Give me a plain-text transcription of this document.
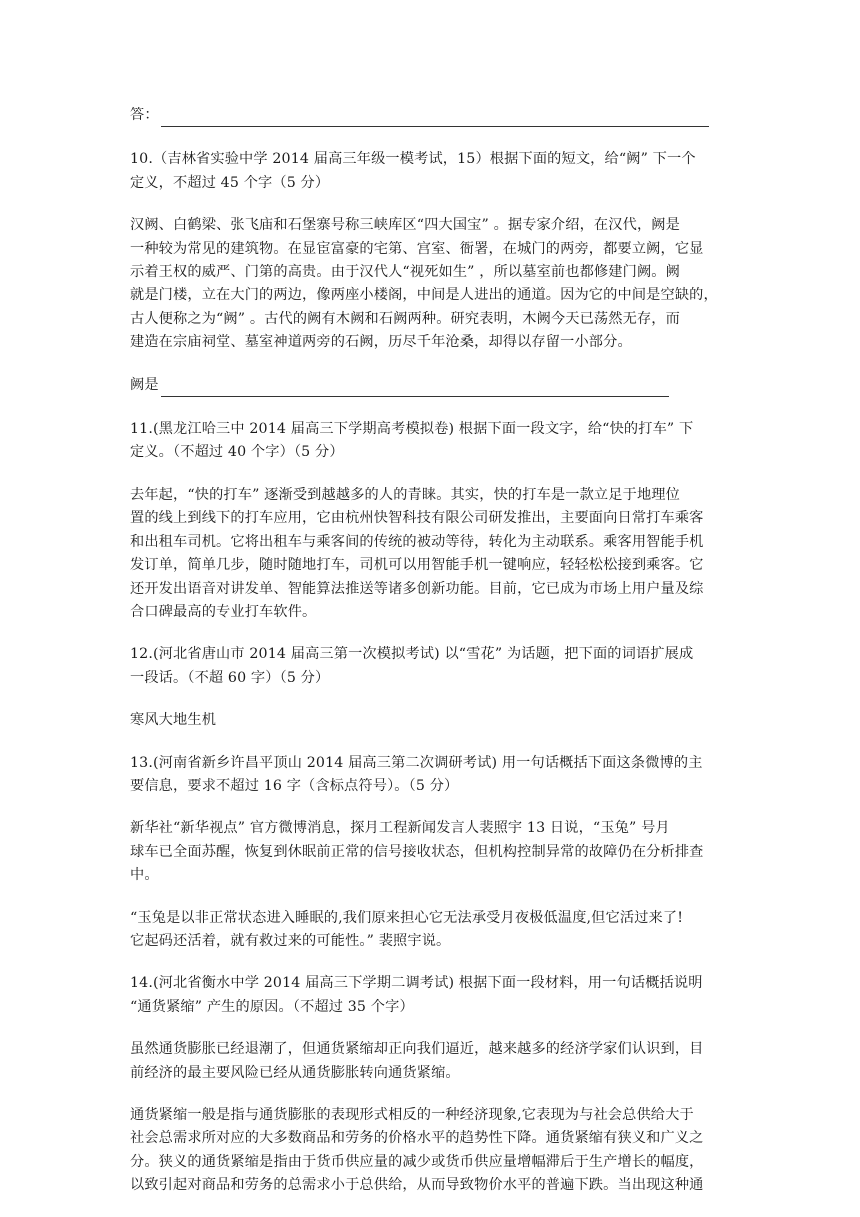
答：
10.（吉林省实验中学 2014 届高三年级一模考试，15）根据下面的短文，给“阙” 下一个
定义，不超过 45 个字（5 分）
汉阙、白鹤梁、张飞庙和石堡寨号称三峡库区“四大国宝” 。据专家介绍，在汉代，阙是
一种较为常见的建筑物。在显宦富豪的宅第、宫室、衙署，在城门的两旁，都要立阙，它显
示着王权的威严、门第的高贵。由于汉代人“视死如生” ，所以墓室前也都修建门阙。阙
就是门楼，立在大门的两边，像两座小楼阁，中间是人进出的通道。因为它的中间是空缺的，
古人便称之为“阙” 。古代的阙有木阙和石阙两种。研究表明，木阙今天已荡然无存，而
建造在宗庙祠堂、墓室神道两旁的石阙，历尽千年沧桑，却得以存留一小部分。
阙是
11.(黑龙江哈三中 2014 届高三下学期高考模拟卷) 根据下面一段文字，给“快的打车” 下
定义。（不超过 40 个字）（5 分）
去年起，“快的打车” 逐渐受到越越多的人的青睐。其实，快的打车是一款立足于地理位
置的线上到线下的打车应用，它由杭州快智科技有限公司研发推出，主要面向日常打车乘客
和出租车司机。它将出租车与乘客间的传统的被动等待，转化为主动联系。乘客用智能手机
发订单，简单几步，随时随地打车，司机可以用智能手机一键响应，轻轻松松接到乘客。它
还开发出语音对讲发单、智能算法推送等诸多创新功能。目前，它已成为市场上用户量及综
合口碑最高的专业打车软件。
12.(河北省唐山市 2014 届高三第一次模拟考试) 以“雪花” 为话题，把下面的词语扩展成
一段话。（不超 60 字）（5 分）
寒风大地生机
13.(河南省新乡许昌平顶山 2014 届高三第二次调研考试) 用一句话概括下面这条微博的主
要信息，要求不超过 16 字（含标点符号）。（5 分）
新华社“新华视点” 官方微博消息，探月工程新闻发言人裴照宇 13 日说，“玉兔” 号月
球车已全面苏醒，恢复到休眠前正常的信号接收状态，但机构控制异常的故障仍在分析排查
中。
“玉兔是以非正常状态进入睡眠的,我们原来担心它无法承受月夜极低温度,但它活过来了!
它起码还活着，就有救过来的可能性。” 裴照宇说。
14.(河北省衡水中学 2014 届高三下学期二调考试) 根据下面一段材料，用一句话概括说明
“通货紧缩” 产生的原因。（不超过 35 个字）
虽然通货膨胀已经退潮了，但通货紧缩却正向我们逼近，越来越多的经济学家们认识到，目
前经济的最主要风险已经从通货膨胀转向通货紧缩。
通货紧缩一般是指与通货膨胀的表现形式相反的一种经济现象,它表现为与社会总供给大于
社会总需求所对应的大多数商品和劳务的价格水平的趋势性下降。通货紧缩有狭义和广义之
分。狭义的通货紧缩是指由于货币供应量的减少或货币供应量增幅滞后于生产增长的幅度，
以致引起对商品和劳务的总需求小于总供给，从而导致物价水平的普遍下跌。当出现这种通
